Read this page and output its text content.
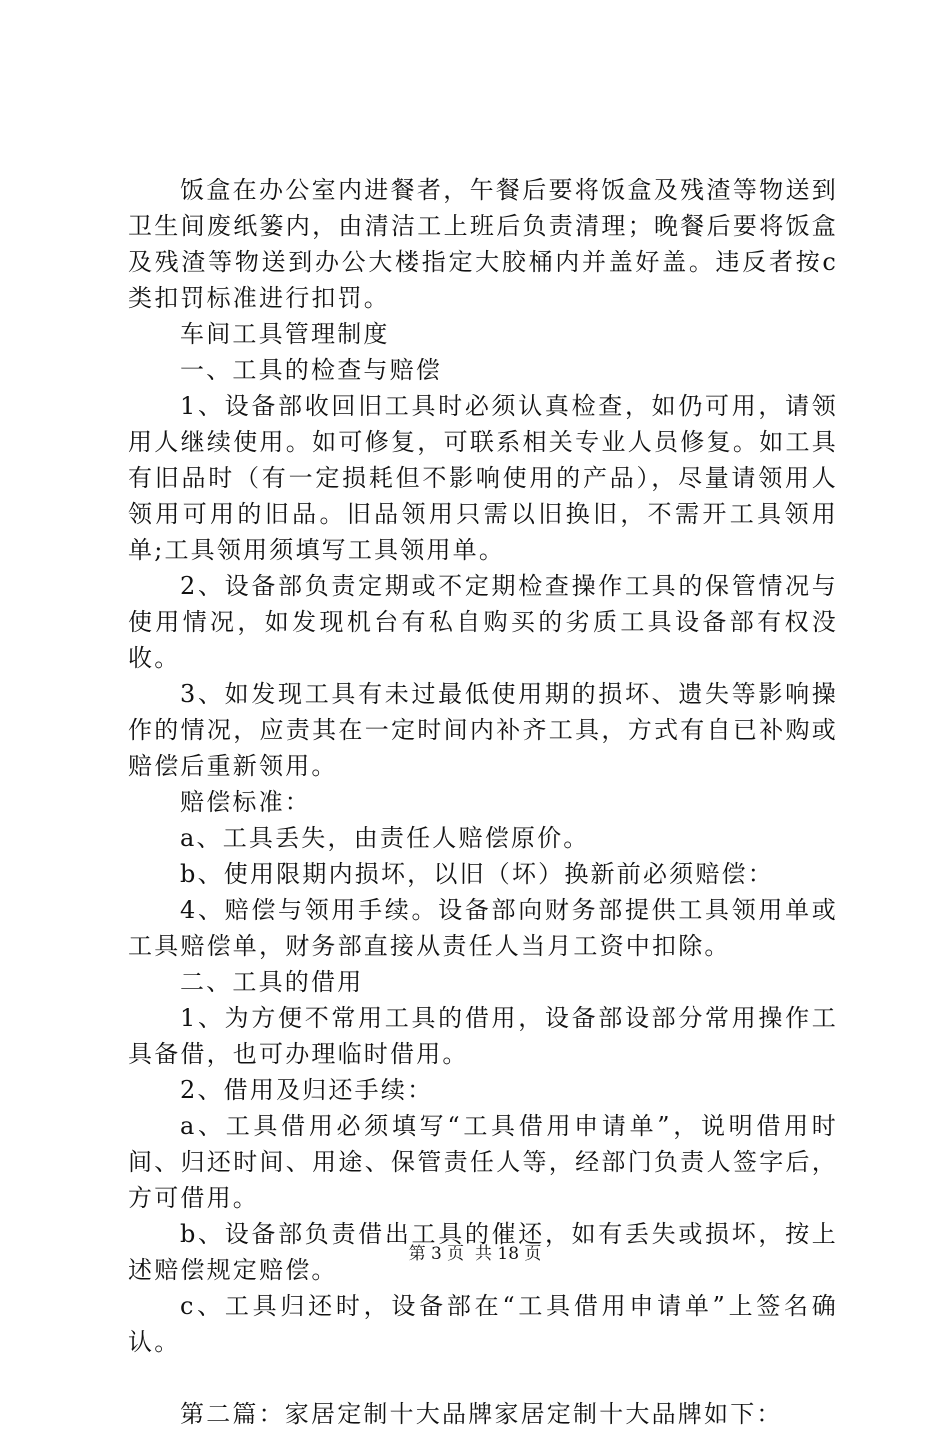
饭盒在办公室内进餐者，午餐后要将饭盒及残渣等物送到卫生间废纸篓内，由清洁工上班后负责清理；晚餐后要将饭盒及残渣等物送到办公大楼指定大胶桶内并盖好盖。违反者按c类扣罚标准进行扣罚。

车间工具管理制度

一、工具的检查与赔偿

1、设备部收回旧工具时必须认真检查，如仍可用，请领用人继续使用。如可修复，可联系相关专业人员修复。如工具有旧品时（有一定损耗但不影响使用的产品），尽量请领用人领用可用的旧品。旧品领用只需以旧换旧，不需开工具领用单;工具领用须填写工具领用单。

2、设备部负责定期或不定期检查操作工具的保管情况与使用情况，如发现机台有私自购买的劣质工具设备部有权没收。

3、如发现工具有未过最低使用期的损坏、遗失等影响操作的情况，应责其在一定时间内补齐工具，方式有自已补购或赔偿后重新领用。

赔偿标准：

a、工具丢失，由责任人赔偿原价。

b、使用限期内损坏，以旧（坏）换新前必须赔偿：

4、赔偿与领用手续。设备部向财务部提供工具领用单或工具赔偿单，财务部直接从责任人当月工资中扣除。

二、工具的借用

1、为方便不常用工具的借用，设备部设部分常用操作工具备借，也可办理临时借用。

2、借用及归还手续：

a、工具借用必须填写“工具借用申请单”，说明借用时间、归还时间、用途、保管责任人等，经部门负责人签字后，方可借用。

b、设备部负责借出工具的催还，如有丢失或损坏，按上述赔偿规定赔偿。

c、工具归还时，设备部在“工具借用申请单”上签名确认。

第二篇：家居定制十大品牌家居定制十大品牌如下：

第 3 页  共 18 页
